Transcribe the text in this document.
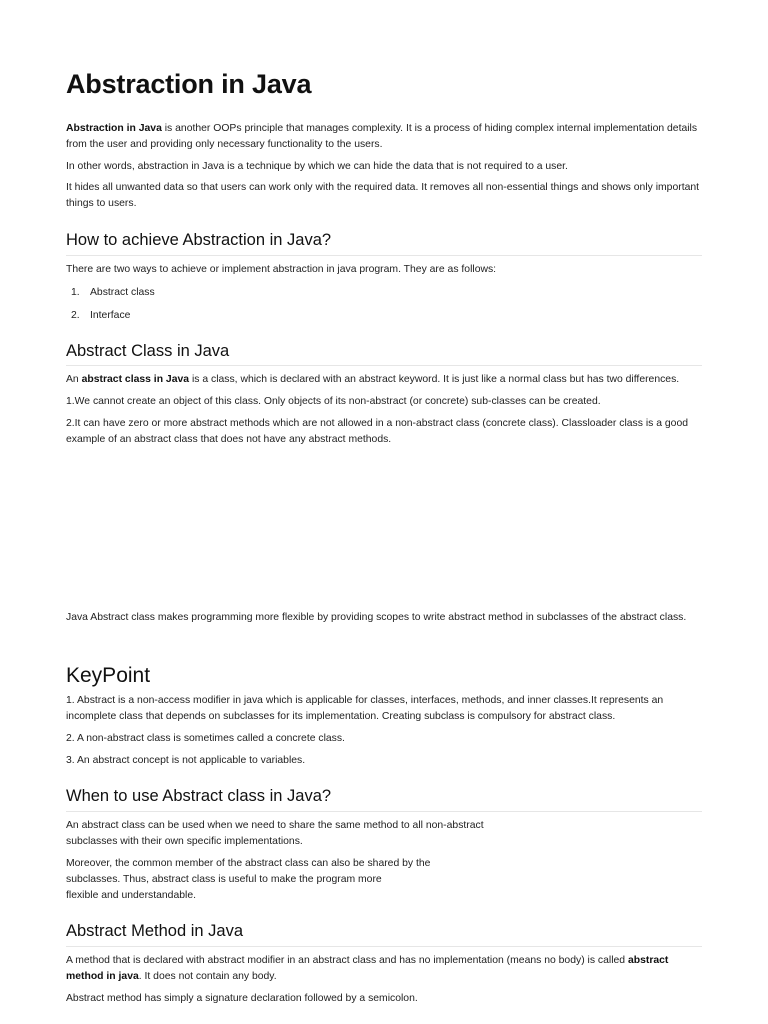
Abstraction in Java

Abstraction in Java is another OOPs principle that manages complexity. It is a process of hiding complex internal implementation details from the user and providing only necessary functionality to the users.

In other words, abstraction in Java is a technique by which we can hide the data that is not required to a user.

It hides all unwanted data so that users can work only with the required data. It removes all non-essential things and shows only important things to users.

How to achieve Abstraction in Java?

There are two ways to achieve or implement abstraction in java program. They are as follows:

1. Abstract class
2. Interface
Abstract Class in Java

An abstract class in Java is a class, which is declared with an abstract keyword. It is just like a normal class but has two differences.

1.We cannot create an object of this class. Only objects of its non-abstract (or concrete) sub-classes can be created.

2.It can have zero or more abstract methods which are not allowed in a non-abstract class (concrete class). Classloader class is a good example of an abstract class that does not have any abstract methods.

Java Abstract class makes programming more flexible by providing scopes to write abstract method in subclasses of the abstract class.

KeyPoint

1. Abstract is a non-access modifier in java which is applicable for classes, interfaces, methods, and inner classes.It represents an incomplete class that depends on subclasses for its implementation. Creating subclass is compulsory for abstract class.

2. A non-abstract class is sometimes called a concrete class.

3. An abstract concept is not applicable to variables.

When to use Abstract class in Java?

An abstract class can be used when we need to share the same method to all non-abstract
subclasses with their own specific implementations.

Moreover, the common member of the abstract class can also be shared by the
subclasses. Thus, abstract class is useful to make the program more
flexible and understandable.

Abstract Method in Java

A method that is declared with abstract modifier in an abstract class and has no implementation (means no body) is called abstract method in java. It does not contain any body.

Abstract method has simply a signature declaration followed by a semicolon.
